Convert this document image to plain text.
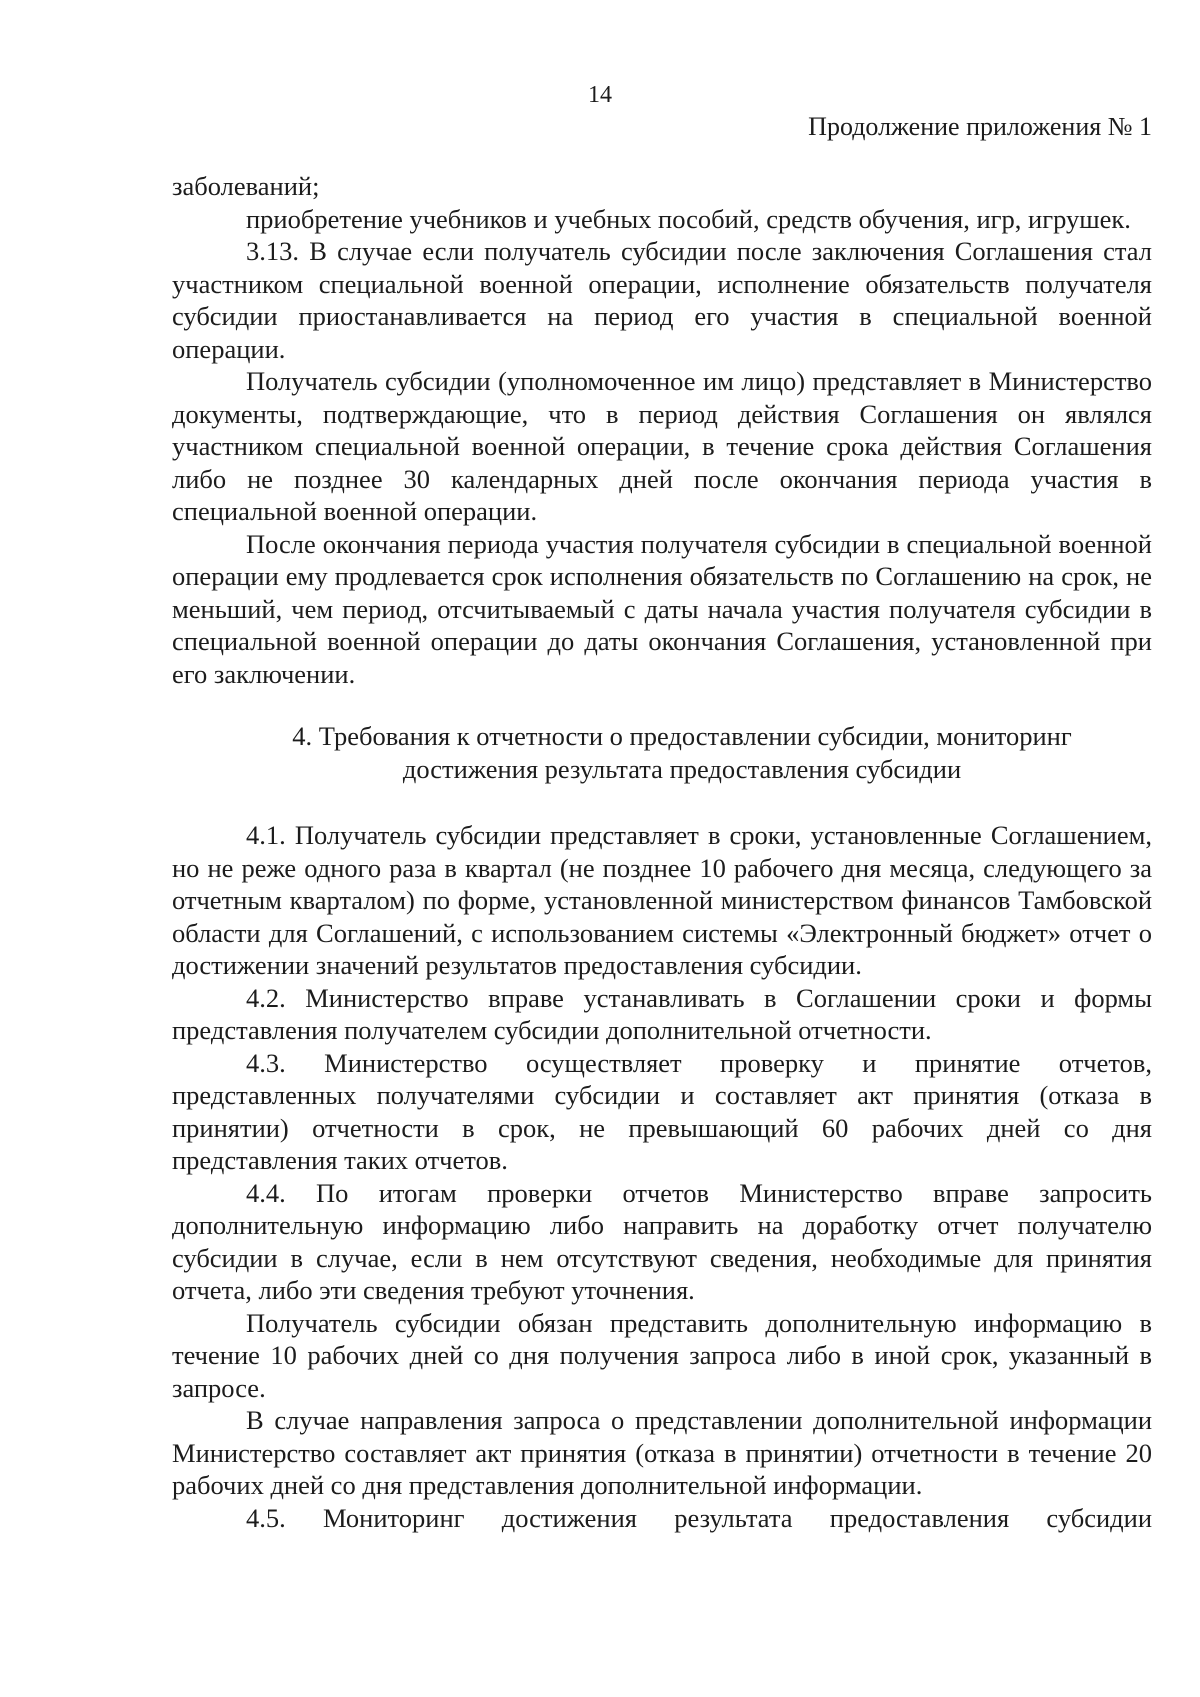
14
Продолжение приложения № 1

заболеваний;

приобретение учебников и учебных пособий, средств обучения, игр, игрушек.

3.13. В случае если получатель субсидии после заключения Соглашения стал участником специальной военной операции, исполнение обязательств получателя субсидии приостанавливается на период его участия в специальной военной операции.

Получатель субсидии (уполномоченное им лицо) представляет в Министерство документы, подтверждающие, что в период действия Соглашения он являлся участником специальной военной операции, в течение срока действия Соглашения либо не позднее 30 календарных дней после окончания периода участия в специальной военной операции.

После окончания периода участия получателя субсидии в специальной военной операции ему продлевается срок исполнения обязательств по Соглашению на срок, не меньший, чем период, отсчитываемый с даты начала участия получателя субсидии в специальной военной операции до даты окончания Соглашения, установленной при его заключении.

4. Требования к отчетности о предоставлении субсидии, мониторинг
достижения результата предоставления субсидии

4.1. Получатель субсидии представляет в сроки, установленные Соглашением, но не реже одного раза в квартал (не позднее 10 рабочего дня месяца, следующего за отчетным кварталом) по форме, установленной министерством финансов Тамбовской области для Соглашений, с использованием системы «Электронный бюджет» отчет о достижении значений результатов предоставления субсидии.

4.2. Министерство вправе устанавливать в Соглашении сроки и формы представления получателем субсидии дополнительной отчетности.

4.3. Министерство осуществляет проверку и принятие отчетов, представленных получателями субсидии и составляет акт принятия (отказа в принятии) отчетности в срок, не превышающий 60 рабочих дней со дня представления таких отчетов.

4.4. По итогам проверки отчетов Министерство вправе запросить дополнительную информацию либо направить на доработку отчет получателю субсидии в случае, если в нем отсутствуют сведения, необходимые для принятия отчета, либо эти сведения требуют уточнения.

Получатель субсидии обязан представить дополнительную информацию в течение 10 рабочих дней со дня получения запроса либо в иной срок, указанный в запросе.

В случае направления запроса о представлении дополнительной информации Министерство составляет акт принятия (отказа в принятии) отчетности в течение 20 рабочих дней со дня представления дополнительной информации.

4.5. Мониторинг достижения результата предоставления субсидии
